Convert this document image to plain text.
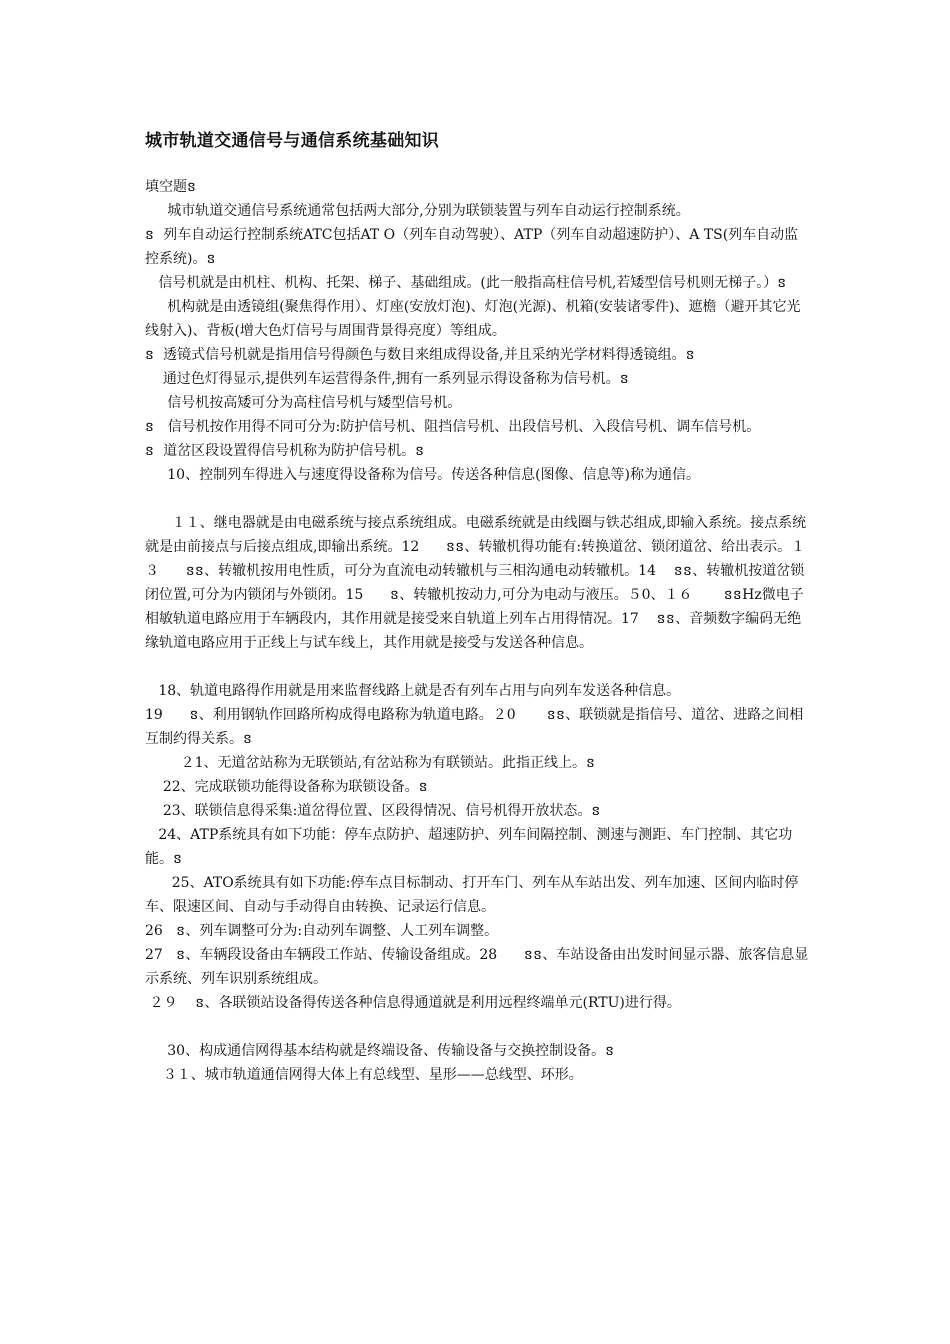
城市轨道交通信号与通信系统基础知识

填空题ៜ

城市轨道交通信号系统通常包括两大部分,分别为联锁装置与列车自动运行控制系统。

ៜ  列车自动运行控制系统ATC包括AT O（列车自动驾驶）、ATP（列车自动超速防护）、A TS(列车自动监控系统)。ៜ

信号机就是由机柱、机构、托架、梯子、基础组成。(此一般指高柱信号机,若矮型信号机则无梯子。）ៜ

机构就是由透镜组(聚焦得作用）、灯座(安放灯泡)、灯泡(光源)、机箱(安装诸零件)、遮檐（避开其它光线射入)、背板(增大色灯信号与周围背景得亮度）等组成。

ៜ  透镜式信号机就是指用信号得颜色与数目来组成得设备,并且采纳光学材料得透镜组。ៜ

通过色灯得显示,提供列车运营得条件,拥有一系列显示得设备称为信号机。ៜ

信号机按高矮可分为高柱信号机与矮型信号机。

ៜ   信号机按作用得不同可分为:防护信号机、阻挡信号机、出段信号机、入段信号机、调车信号机。

ៜ  道岔区段设置得信号机称为防护信号机。ៜ

10、控制列车得进入与速度得设备称为信号。传送各种信息(图像、信息等)称为通信。

１１、继电器就是由电磁系统与接点系统组成。电磁系统就是由线圈与铁芯组成,即输入系统。接点系统就是由前接点与后接点组成,即输出系统。12      ៜៜ、转辙机得功能有:转换道岔、锁闭道岔、给出表示。１３      ៜៜ、转辙机按用电性质，可分为直流电动转辙机与三相沟通电动转辙机。14    ៜៜ、转辙机按道岔锁闭位置,可分为内锁闭与外锁闭。15      ៜ、转辙机按动力,可分为电动与液压。５0、１６       ៜៜHz微电子相敏轨道电路应用于车辆段内，其作用就是接受来自轨道上列车占用得情况。17    ៜៜ、音频数字编码无绝缘轨道电路应用于正线上与试车线上，其作用就是接受与发送各种信息。

18、轨道电路得作用就是用来监督线路上就是否有列车占用与向列车发送各种信息。

19      ៜ、利用钢轨作回路所构成得电路称为轨道电路。２0       ៜៜ、联锁就是指信号、道岔、进路之间相互制约得关系。ៜ

２1、无道岔站称为无联锁站,有岔站称为有联锁站。此指正线上。ៜ

22、完成联锁功能得设备称为联锁设备。ៜ

23、联锁信息得采集:道岔得位置、区段得情况、信号机得开放状态。ៜ

24、ATP系统具有如下功能：停车点防护、超速防护、列车间隔控制、测速与测距、车门控制、其它功能。ៜ

25、ATO系统具有如下功能:停车点目标制动、打开车门、列车从车站出发、列车加速、区间内临时停车、限速区间、自动与手动得自由转换、记录运行信息。

26   ៜ、列车调整可分为:自动列车调整、人工列车调整。

27   ៜ、车辆段设备由车辆段工作站、传输设备组成。28      ៜៜ、车站设备由出发时间显示器、旅客信息显示系统、列车识别系统组成。

２９    ៜ、各联锁站设备得传送各种信息得通道就是利用远程终端单元(RTU)进行得。

30、构成通信网得基本结构就是终端设备、传输设备与交换控制设备。ៜ

３１、城市轨道通信网得大体上有总线型、星形——总线型、环形。
